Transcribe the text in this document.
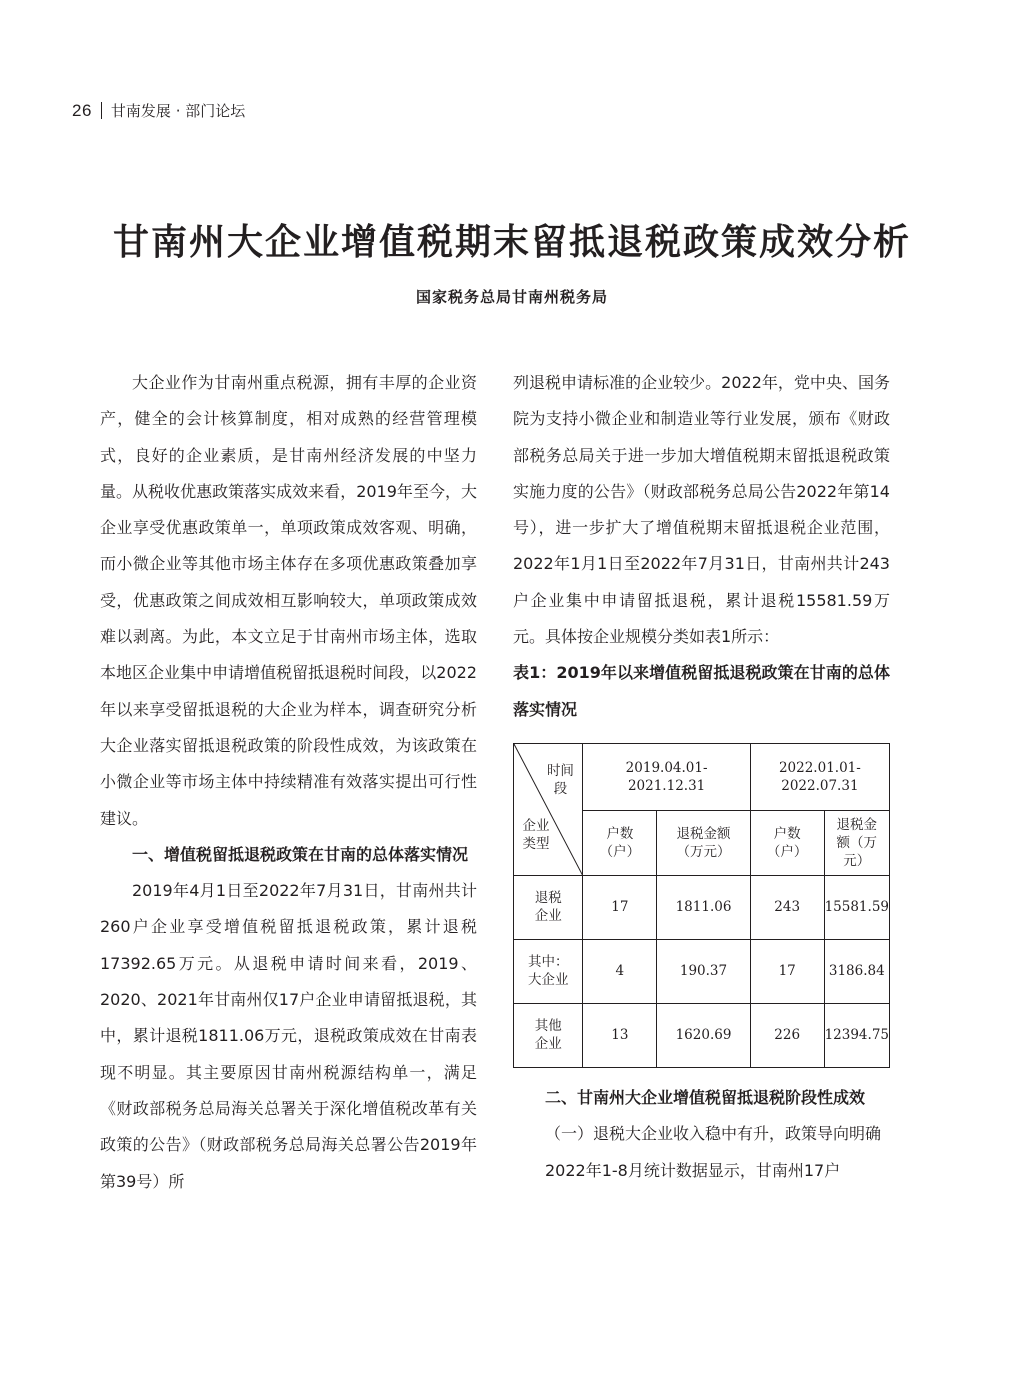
26 甘南发展 · 部门论坛
甘南州大企业增值税期末留抵退税政策成效分析
国家税务总局甘南州税务局

大企业作为甘南州重点税源，拥有丰厚的企业资产，健全的会计核算制度，相对成熟的经营管理模式，良好的企业素质，是甘南州经济发展的中坚力量。从税收优惠政策落实成效来看，2019年至今，大企业享受优惠政策单一，单项政策成效客观、明确，而小微企业等其他市场主体存在多项优惠政策叠加享受，优惠政策之间成效相互影响较大，单项政策成效难以剥离。为此，本文立足于甘南州市场主体，选取本地区企业集中申请增值税留抵退税时间段，以2022年以来享受留抵退税的大企业为样本，调查研究分析大企业落实留抵退税政策的阶段性成效，为该政策在小微企业等市场主体中持续精准有效落实提出可行性建议。

一、增值税留抵退税政策在甘南的总体落实情况

2019年4月1日至2022年7月31日，甘南州共计260户企业享受增值税留抵退税政策，累计退税17392.65万元。从退税申请时间来看，2019、2020、2021年甘南州仅17户企业申请留抵退税，其中，累计退税1811.06万元，退税政策成效在甘南表现不明显。其主要原因甘南州税源结构单一，满足《财政部税务总局海关总署关于深化增值税改革有关政策的公告》（财政部税务总局海关总署公告2019年第39号）所

列退税申请标准的企业较少。2022年，党中央、国务院为支持小微企业和制造业等行业发展，颁布《财政部税务总局关于进一步加大增值税期末留抵退税政策实施力度的公告》（财政部税务总局公告2022年第14号），进一步扩大了增值税期末留抵退税企业范围，2022年1月1日至2022年7月31日，甘南州共计243户企业集中申请留抵退税，累计退税15581.59万元。具体按企业规模分类如表1所示：

表1：2019年以来增值税留抵退税政策在甘南的总体落实情况

时间段
企业类型	2019.04.01-2021.12.31		2022.01.01-2022.07.31	
	户数（户）	退税金额（万元）	户数（户）	退税金额（万元）
退税企业	17	1811.06	243	15581.59
其中：大企业	4	190.37	17	3186.84
其他企业	13	1620.69	226	12394.75

二、甘南州大企业增值税留抵退税阶段性成效

（一）退税大企业收入稳中有升，政策导向明确

2022年1-8月统计数据显示，甘南州17户
